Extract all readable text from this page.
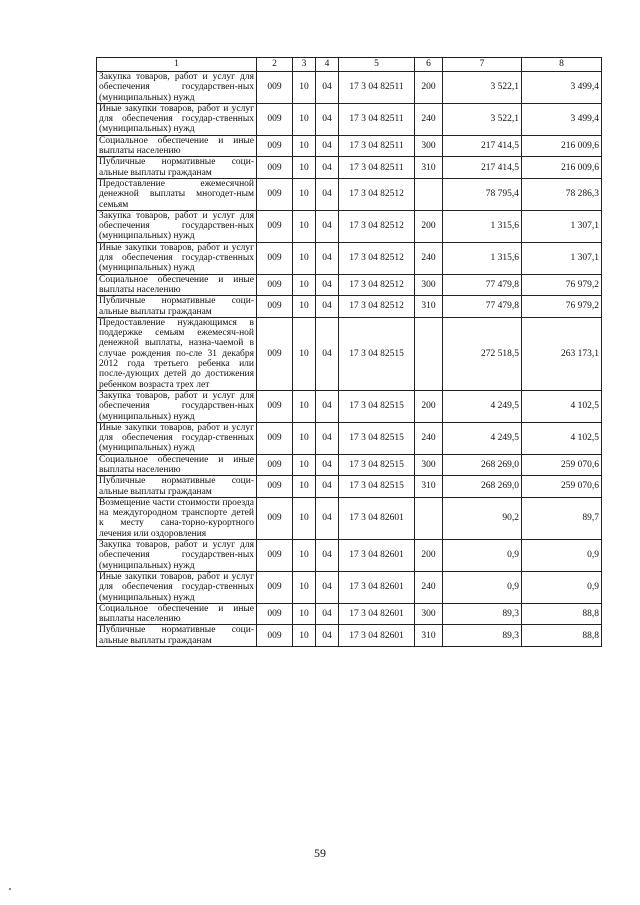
1	2	3	4	5	6	7	8
Закупка товаров, работ и услуг для обеспечения государствен-ных (муниципальных) нужд	009	10	04	17 3 04 82511	200	3 522,1	3 499,4
Иные закупки товаров, работ и услуг для обеспечения государ-ственных (муниципальных) нужд	009	10	04	17 3 04 82511	240	3 522,1	3 499,4
Социальное обеспечение и иные выплаты населению	009	10	04	17 3 04 82511	300	217 414,5	216 009,6
Публичные нормативные соци-альные выплаты гражданам	009	10	04	17 3 04 82511	310	217 414,5	216 009,6
Предоставление ежемесячной денежной выплаты многодет-ным семьям	009	10	04	17 3 04 82512		78 795,4	78 286,3
Закупка товаров, работ и услуг для обеспечения государствен-ных (муниципальных) нужд	009	10	04	17 3 04 82512	200	1 315,6	1 307,1
Иные закупки товаров, работ и услуг для обеспечения государ-ственных (муниципальных) нужд	009	10	04	17 3 04 82512	240	1 315,6	1 307,1
Социальное обеспечение и иные выплаты населению	009	10	04	17 3 04 82512	300	77 479,8	76 979,2
Публичные нормативные соци-альные выплаты гражданам	009	10	04	17 3 04 82512	310	77 479,8	76 979,2
Предоставление нуждающимся в поддержке семьям ежемесяч-ной денежной выплаты, назна-чаемой в случае рождения по-сле 31 декабря 2012 года третьего ребенка или после-дующих детей до достижения ребенком возраста трех лет	009	10	04	17 3 04 82515		272 518,5	263 173,1
Закупка товаров, работ и услуг для обеспечения государствен-ных (муниципальных) нужд	009	10	04	17 3 04 82515	200	4 249,5	4 102,5
Иные закупки товаров, работ и услуг для обеспечения государ-ственных (муниципальных) нужд	009	10	04	17 3 04 82515	240	4 249,5	4 102,5
Социальное обеспечение и иные выплаты населению	009	10	04	17 3 04 82515	300	268 269,0	259 070,6
Публичные нормативные соци-альные выплаты гражданам	009	10	04	17 3 04 82515	310	268 269,0	259 070,6
Возмещение части стоимости проезда на междугородном транспорте детей к месту сана-торно-курортного лечения или оздоровления	009	10	04	17 3 04 82601		90,2	89,7
Закупка товаров, работ и услуг для обеспечения государствен-ных (муниципальных) нужд	009	10	04	17 3 04 82601	200	0,9	0,9
Иные закупки товаров, работ и услуг для обеспечения государ-ственных (муниципальных) нужд	009	10	04	17 3 04 82601	240	0,9	0,9
Социальное обеспечение и иные выплаты населению	009	10	04	17 3 04 82601	300	89,3	88,8
Публичные нормативные соци-альные выплаты гражданам	009	10	04	17 3 04 82601	310	89,3	88,8
59
